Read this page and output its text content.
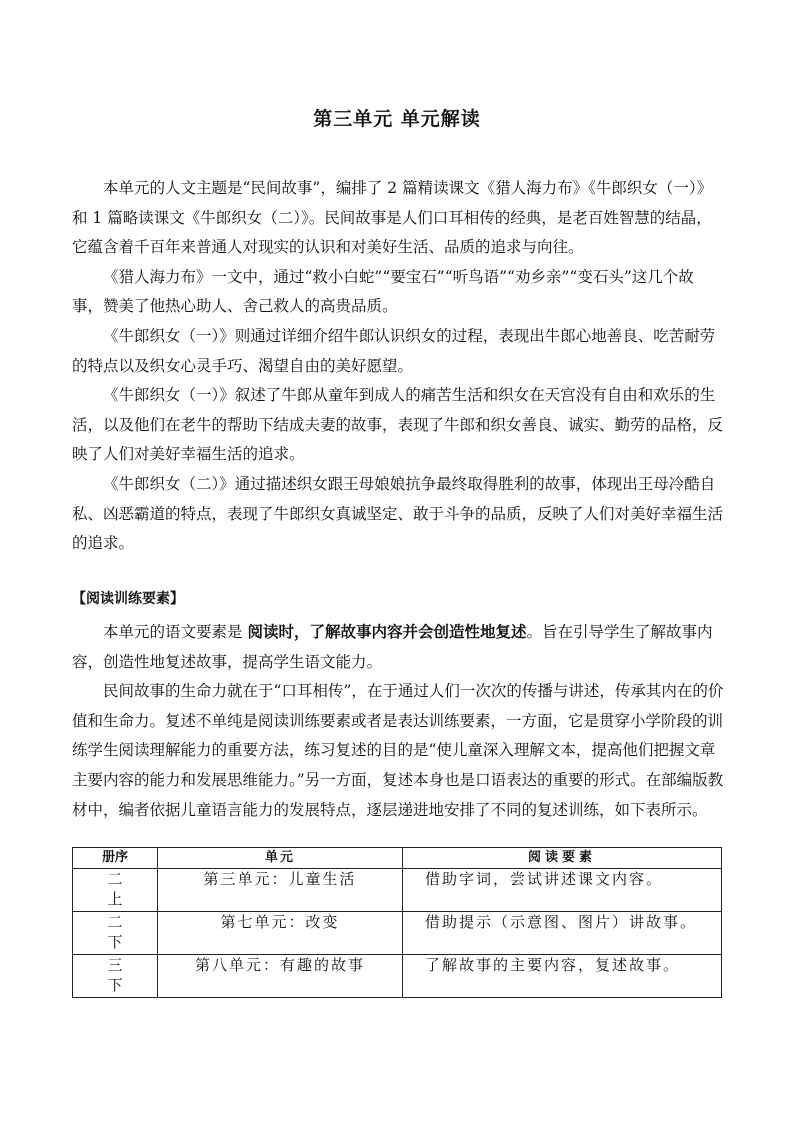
第三单元 单元解读

本单元的人文主题是“民间故事”，编排了 2 篇精读课文《猎人海力布》《牛郎织女（一）》和 1 篇略读课文《牛郎织女（二）》。民间故事是人们口耳相传的经典，是老百姓智慧的结晶，它蕴含着千百年来普通人对现实的认识和对美好生活、品质的追求与向往。

《猎人海力布》一文中，通过“救小白蛇”“要宝石”“听鸟语”“劝乡亲”“变石头”这几个故事，赞美了他热心助人、舍己救人的高贵品质。

《牛郎织女（一）》则通过详细介绍牛郎认识织女的过程，表现出牛郎心地善良、吃苦耐劳的特点以及织女心灵手巧、渴望自由的美好愿望。

《牛郎织女（一）》叙述了牛郎从童年到成人的痛苦生活和织女在天宫没有自由和欢乐的生活，以及他们在老牛的帮助下结成夫妻的故事，表现了牛郎和织女善良、诚实、勤劳的品格，反映了人们对美好幸福生活的追求。

《牛郎织女（二）》通过描述织女跟王母娘娘抗争最终取得胜利的故事，体现出王母冷酷自私、凶恶霸道的特点，表现了牛郎织女真诚坚定、敢于斗争的品质，反映了人们对美好幸福生活的追求。

【阅读训练要素】

本单元的语文要素是 阅读时，了解故事内容并会创造性地复述。旨在引导学生了解故事内容，创造性地复述故事，提高学生语文能力。

民间故事的生命力就在于“口耳相传”，在于通过人们一次次的传播与讲述，传承其内在的价值和生命力。复述不单纯是阅读训练要素或者是表达训练要素，一方面，它是贯穿小学阶段的训练学生阅读理解能力的重要方法，练习复述的目的是“使儿童深入理解文本，提高他们把握文章主要内容的能力和发展思维能力。”另一方面，复述本身也是口语表达的重要的形式。在部编版教材中，编者依据儿童语言能力的发展特点，逐层递进地安排了不同的复述训练，如下表所示。

册序	单元	阅读要素

二
上	第三单元：儿童生活	借助字词，尝试讲述课文内容。

二
下	第七单元：改变	借助提示（示意图、图片）讲故事。

三
下	第八单元：有趣的故事	了解故事的主要内容，复述故事。
